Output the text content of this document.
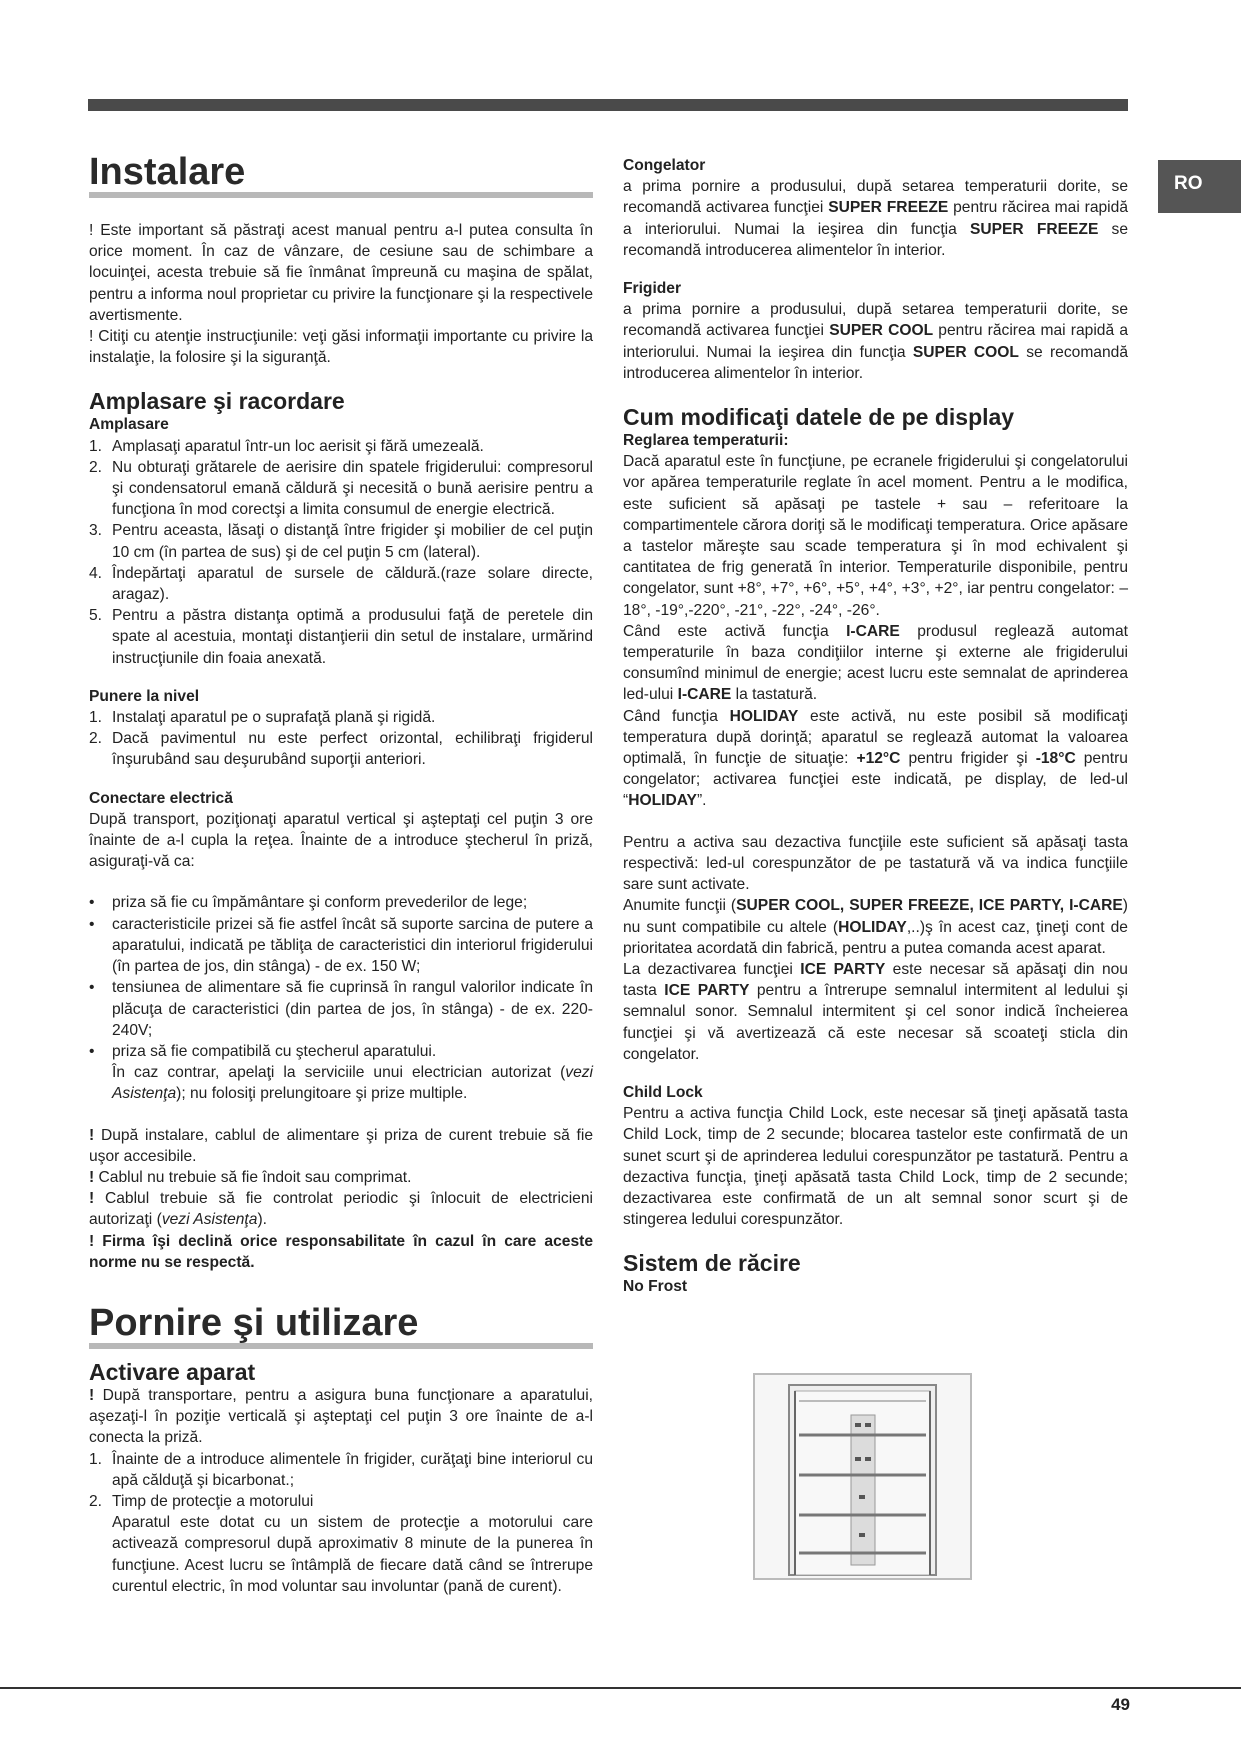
RO
Instalare

! Este important să păstraţi acest manual pentru a-l putea consulta în orice moment. În caz de vânzare, de cesiune sau de schimbare a locuinţei, acesta trebuie să fie înmânat împreună cu maşina de spălat, pentru a informa noul proprietar cu privire la funcţionare şi la respectivele avertismente.

! Citiţi cu atenţie instrucţiunile: veţi găsi informaţii importante cu privire la instalaţie, la folosire şi la siguranţă.

Amplasare şi racordare
Amplasare
1. Amplasaţi aparatul într-un loc aerisit şi fără umezeală.
2. Nu obturaţi grătarele de aerisire din spatele frigiderului: compresorul şi condensatorul emană căldură şi necesită o bună aerisire pentru a funcţiona în mod corectşi a limita consumul de energie electrică.
3. Pentru aceasta, lăsaţi o distanţă între frigider şi mobilier de cel puţin 10 cm (în partea de sus) şi de cel puţin 5 cm (lateral).
4. Îndepărtaţi aparatul de sursele de căldură.(raze solare directe, aragaz).
5. Pentru a păstra distanţa optimă a produsului faţă de peretele din spate al acestuia, montaţi distanţierii din setul de instalare, urmărind instrucţiunile din foaia anexată.
Punere la nivel
1. Instalaţi aparatul pe o suprafaţă plană şi rigidă.
2. Dacă pavimentul nu este perfect orizontal, echilibraţi frigiderul înşurubând sau deşurubând suporţii anteriori.
Conectare electrică

După transport, poziţionaţi aparatul vertical şi aşteptaţi cel puţin 3 ore înainte de a-l cupla la reţea. Înainte de a introduce ştecherul în priză, asiguraţi-vă ca:

• priza să fie cu împământare şi conform prevederilor de lege;
• caracteristicile prizei să fie astfel încât să suporte sarcina de putere a aparatului, indicată pe tăbliţa de caracteristici din interiorul frigiderului (în partea de jos, din stânga) - de ex. 150 W;
• tensiunea de alimentare să fie cuprinsă în rangul valorilor indicate în plăcuţa de caracteristici (din partea de jos, în stânga) - de ex. 220-240V;
• priza să fie compatibilă cu ştecherul aparatului.
În caz contrar, apelaţi la serviciile unui electrician autorizat (vezi Asistenţa); nu folosiţi prelungitoare şi prize multiple.

! După instalare, cablul de alimentare şi priza de curent trebuie să fie uşor accesibile.

! Cablul nu trebuie să fie îndoit sau comprimat.

! Cablul trebuie să fie controlat periodic şi înlocuit de electricieni autorizaţi (vezi Asistenţa).

! Firma îşi declină orice responsabilitate în cazul în care aceste norme nu se respectă.

Pornire şi utilizare
Activare aparat

! După transportare, pentru a asigura buna funcţionare a aparatului, aşezaţi-l în poziţie verticală şi aşteptaţi cel puţin 3 ore înainte de a-l conecta la priză.

1. Înainte de a introduce alimentele în frigider, curăţaţi bine interiorul cu apă călduţă şi bicarbonat.;
2. Timp de protecţie a motorului
Aparatul este dotat cu un sistem de protecţie a motorului care activează compresorul după aproximativ 8 minute de la punerea în funcţiune. Acest lucru se întâmplă de fiecare dată când se întrerupe curentul electric, în mod voluntar sau involuntar (pană de curent).
Congelator

a prima pornire a produsului, după setarea temperaturii dorite, se recomandă activarea funcţiei SUPER FREEZE pentru răcirea mai rapidă a interiorului. Numai la ieşirea din funcţia SUPER FREEZE se recomandă introducerea alimentelor în interior.

Frigider

a prima pornire a produsului, după setarea temperaturii dorite, se recomandă activarea funcţiei SUPER COOL pentru răcirea mai rapidă a interiorului. Numai la ieşirea din funcţia SUPER COOL se recomandă introducerea alimentelor în interior.

Cum modificaţi datele de pe display
Reglarea temperaturii:

Dacă aparatul este în funcţiune, pe ecranele frigiderului şi congelatorului vor apărea temperaturile reglate în acel moment. Pentru a le modifica, este suficient să apăsaţi pe tastele + sau – referitoare la compartimentele cărora doriţi să le modificaţi temperatura. Orice apăsare a tastelor măreşte sau scade temperatura şi în mod echivalent şi cantitatea de frig generată în interior. Temperaturile disponibile, pentru congelator, sunt +8°, +7°, +6°, +5°, +4°, +3°, +2°, iar pentru congelator: –18°, -19°,-220°, -21°, -22°, -24°, -26°.

Când este activă funcţia I-CARE produsul reglează automat temperaturile în baza condiţiilor interne şi externe ale frigiderului consumînd minimul de energie; acest lucru este semnalat de aprinderea led-ului I-CARE la tastatură.

Când funcţia HOLIDAY este activă, nu este posibil să modificaţi temperatura după dorinţă; aparatul se reglează automat la valoarea optimală, în funcţie de situaţie: +12°C pentru frigider şi -18°C pentru congelator; activarea funcţiei este indicată, pe display, de led-ul “HOLIDAY”.

Pentru a activa sau dezactiva funcţiile este suficient să apăsaţi tasta respectivă: led-ul corespunzător de pe tastatură vă va indica funcţiile sare sunt activate.

Anumite funcţii (SUPER COOL, SUPER FREEZE, ICE PARTY, I-CARE) nu sunt compatibile cu altele (HOLIDAY,..)ş în acest caz, ţineţi cont de prioritatea acordată din fabrică, pentru a putea comanda acest aparat.

La dezactivarea funcţiei ICE PARTY este necesar să apăsaţi din nou tasta ICE PARTY pentru a întrerupe semnalul intermitent al ledului şi semnalul sonor. Semnalul intermitent şi cel sonor indică încheierea funcţiei şi vă avertizează că este necesar să scoateţi sticla din congelator.

Child Lock

Pentru a activa funcţia Child Lock, este necesar să ţineţi apăsată tasta Child Lock, timp de 2 secunde; blocarea tastelor este confirmată de un sunet scurt şi de aprinderea ledului corespunzător pe tastatură. Pentru a dezactiva funcţia, ţineţi apăsată tasta Child Lock, timp de 2 secunde; dezactivarea este confirmată de un alt semnal sonor scurt şi de stingerea ledului corespunzător.

Sistem de răcire
No Frost
49
